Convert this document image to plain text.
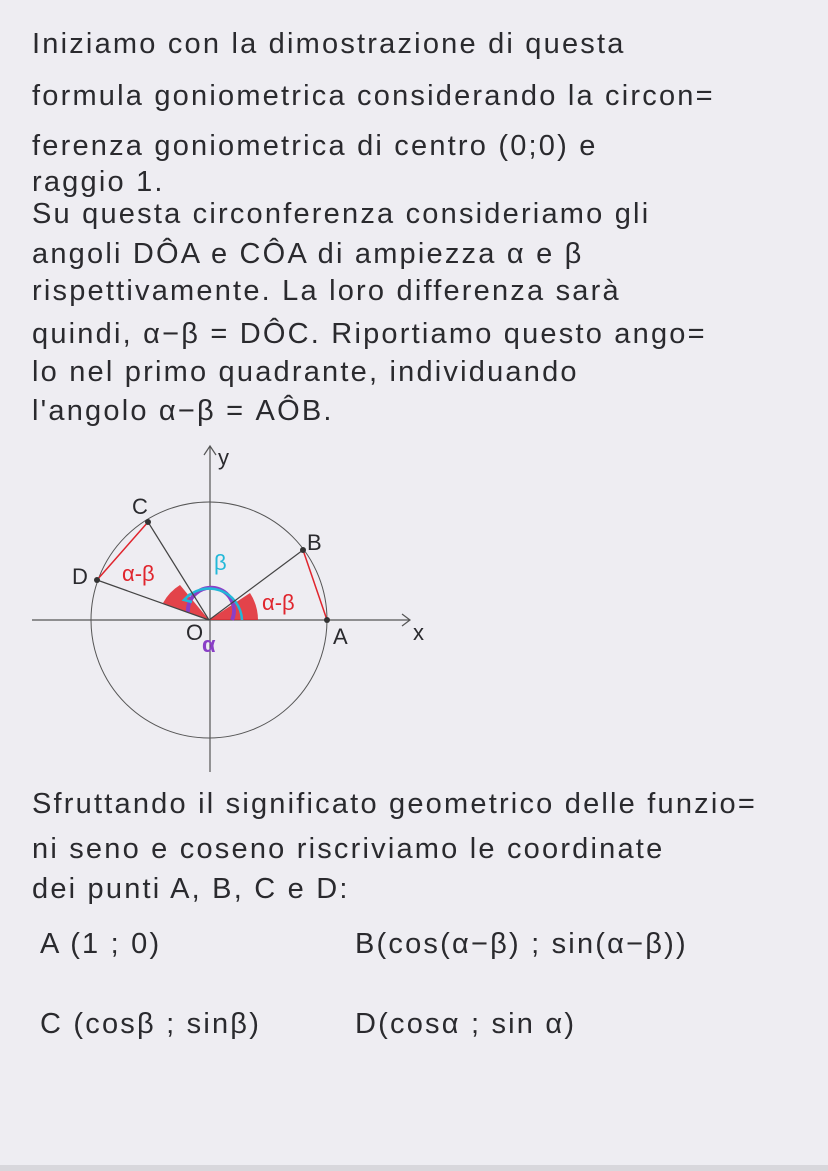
Iniziamo con la dimostrazione di questa
formula goniometrica considerando la circon=
ferenza goniometrica di centro (0;0) e
raggio 1.
Su questa circonferenza consideriamo gli
angoli DÔA e CÔA di ampiezza α e β
rispettivamente. La loro differenza sarà
quindi, α−β = DÔC. Riportiamo questo ango=
lo nel primo quadrante, individuando
l'angolo α−β = AÔB.
y
x
O	A
B
C
D
α
β
α-β
α-β
Sfruttando il significato geometrico delle funzio=
ni seno e coseno riscriviamo le coordinate
dei punti A, B, C e D:
A (1 ; 0)	B(cos(α−β) ; sin(α−β))
C (cosβ ; sinβ)	D(cosα ; sin α)
